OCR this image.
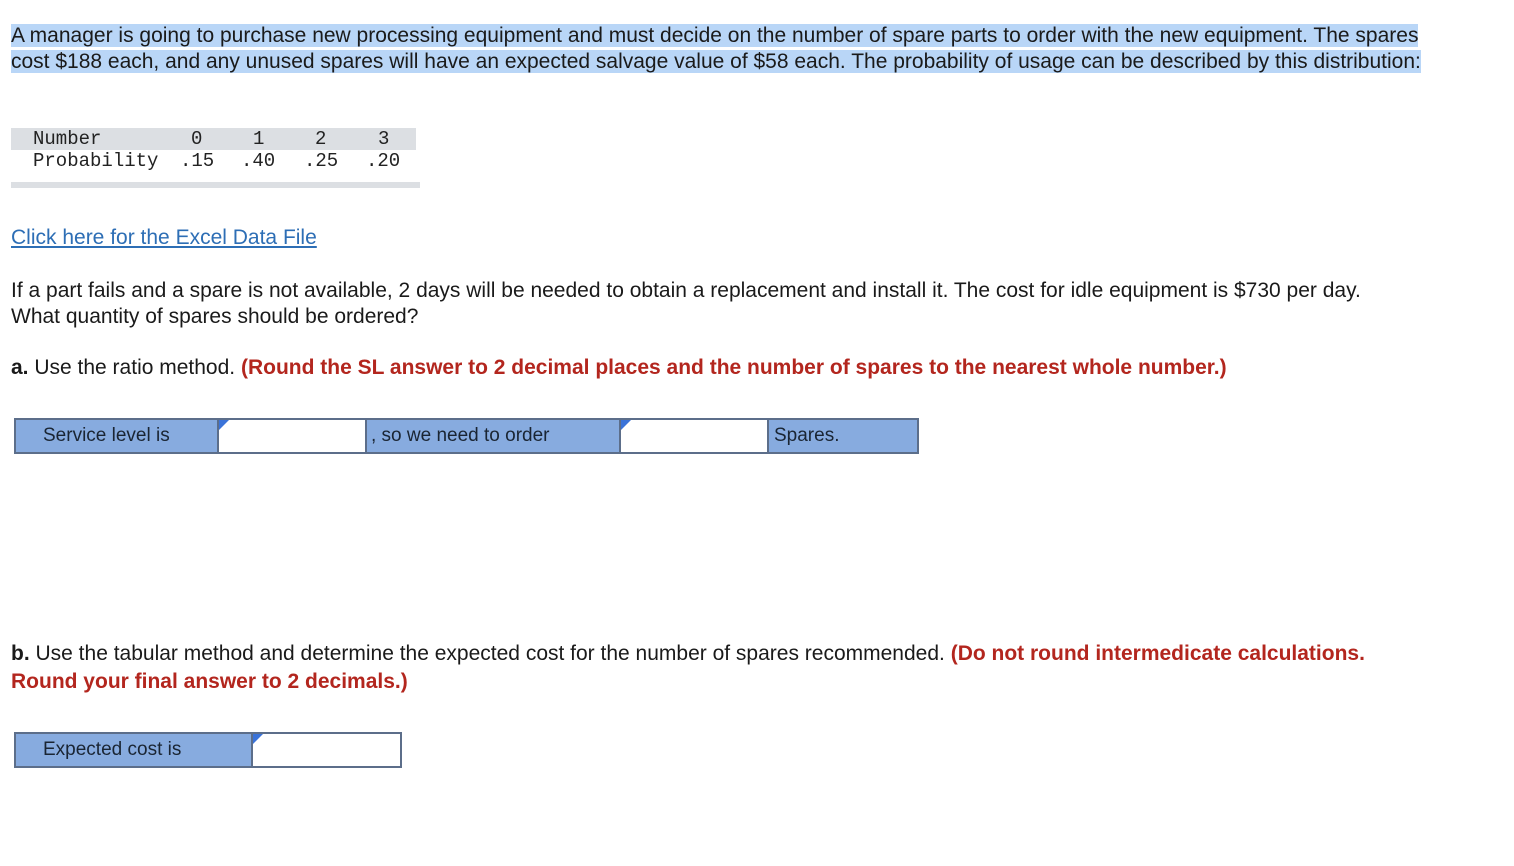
A manager is going to purchase new processing equipment and must decide on the number of spare parts to order with the new equipment. The spares cost $188 each, and any unused spares will have an expected salvage value of $58 each. The probability of usage can be described by this distribution:
Number	0	1	2	3
Probability .15 .40 .25 .20
Click here for the Excel Data File
If a part fails and a spare is not available, 2 days will be needed to obtain a replacement and install it. The cost for idle equipment is $730 per day. What quantity of spares should be ordered?
a. Use the ratio method. (Round the SL answer to 2 decimal places and the number of spares to the nearest whole number.)
Service level is	, so we need to order	Spares.
b. Use the tabular method and determine the expected cost for the number of spares recommended. (Do not round intermedicate calculations. Round your final answer to 2 decimals.)
Expected cost is
